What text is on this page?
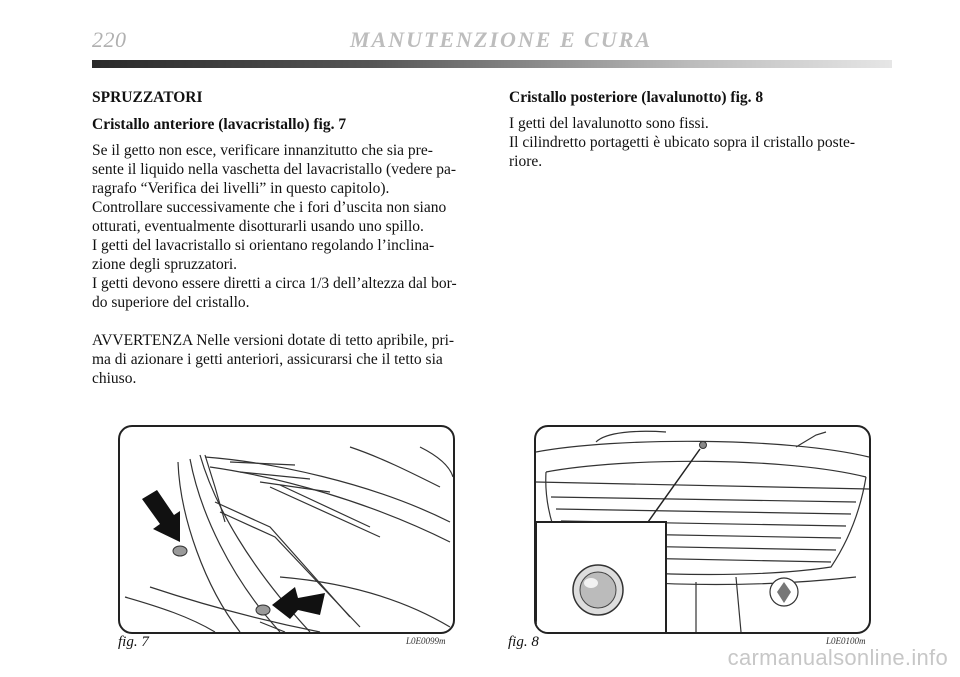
220	MANUTENZIONE E CURA

SPRUZZATORI

Cristallo anteriore (lavacristallo) fig. 7

Se il getto non esce, verificare innanzitutto che sia pre-

sente il liquido nella vaschetta del lavacristallo (vedere pa-

ragrafo “Verifica dei livelli” in questo capitolo).

Controllare successivamente che i fori d’uscita non siano

otturati, eventualmente disotturarli usando uno spillo.

I getti del lavacristallo si orientano regolando l’inclina-

zione degli spruzzatori.

I getti devono essere diretti a circa 1/3 dell’altezza dal bor-

do superiore del cristallo.

AVVERTENZA Nelle versioni dotate di tetto apribile, pri-

ma di azionare i getti anteriori, assicurarsi che il tetto sia

chiuso.

Cristallo posteriore (lavalunotto) fig. 8

I getti del lavalunotto sono fissi.

Il cilindretto portagetti è ubicato sopra il cristallo poste-

riore.

fig. 7	L0E0099m	fig. 8	L0E0100m
carmanualsonline.info
